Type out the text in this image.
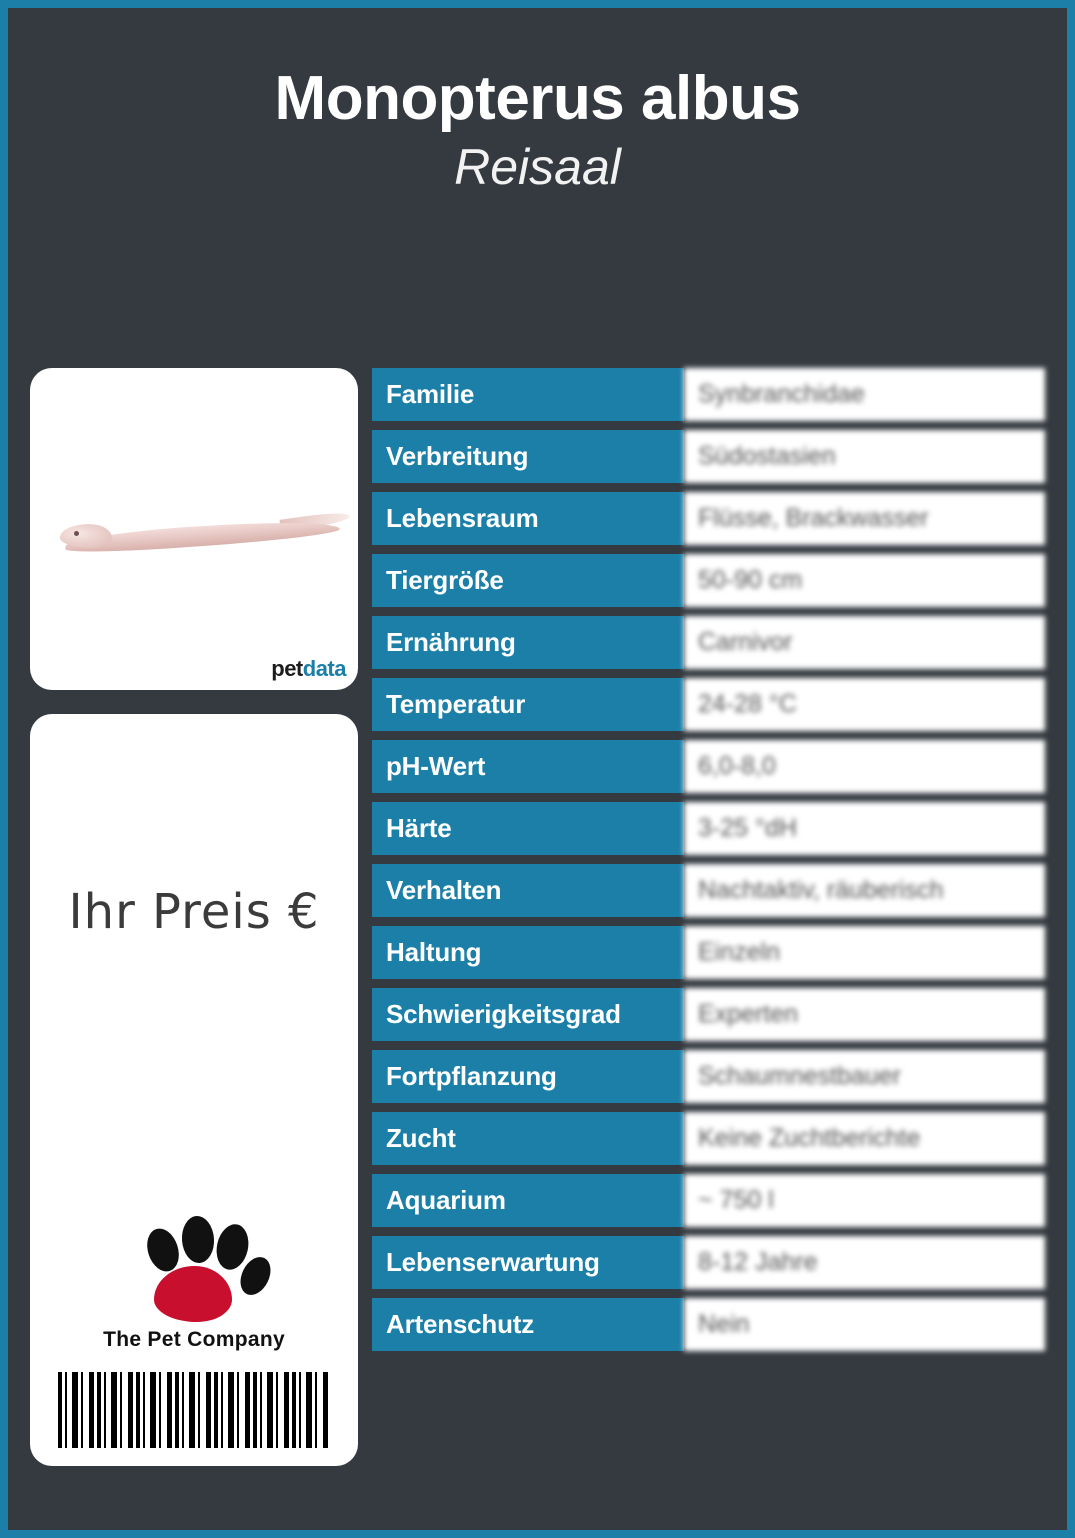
Monopterus albus
Reisaal
petdata
Ihr Preis €
The Pet Company
Familie	Synbranchidae
Verbreitung	Südostasien
Lebensraum	Flüsse, Brackwasser
Tiergröße	50-90 cm
Ernährung	Carnivor
Temperatur	24-28 °C
pH-Wert	6,0-8,0
Härte	3-25 °dH
Verhalten	Nachtaktiv, räuberisch
Haltung	Einzeln
Schwierigkeitsgrad	Experten
Fortpflanzung	Schaumnestbauer
Zucht	Keine Zuchtberichte
Aquarium	~ 750 l
Lebenserwartung	8-12 Jahre
Artenschutz	Nein
